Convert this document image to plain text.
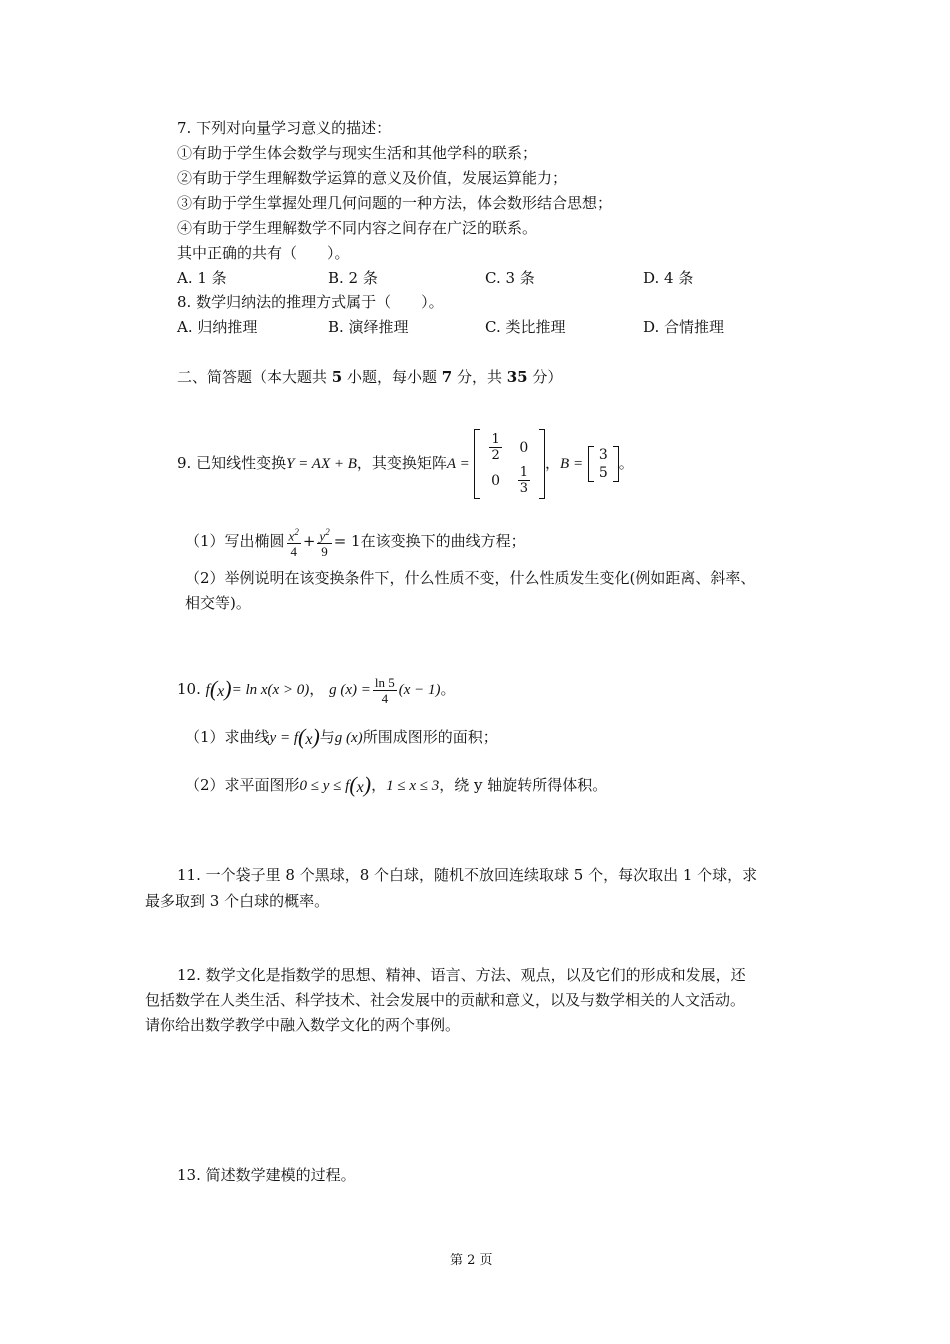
7. 下列对向量学习意义的描述：
①有助于学生体会数学与现实生活和其他学科的联系；
②有助于学生理解数学运算的意义及价值，发展运算能力；
③有助于学生掌握处理几何问题的一种方法，体会数形结合思想；
④有助于学生理解数学不同内容之间存在广泛的联系。
其中正确的共有（　　）。
A. 1 条	B. 2 条	C. 3 条	D. 4 条
8. 数学归纳法的推理方式属于（　　）。
A. 归纳推理	B. 演绎推理	C. 类比推理	D. 合情推理
二、简答题（本大题共 5 小题，每小题 7 分，共 35 分）
9. 已知线性变换Y = AX + B，其变换矩阵A =
$\frac{1}{2}$	0
0	$\frac{1}{3}$
，B =
3
5
。
（1）写出椭圆 $\frac{x^2}{4} + \frac{y^2}{9} = 1$在该变换下的曲线方程；
（2）举例说明在该变换条件下，什么性质不变，什么性质发生变化(例如距离、斜率、
相交等)。
10. f(x)= ln x(x > 0)， g $(x) = \frac{\ln 5}{4} (x - 1)$。
（1）求曲线y = f(x)与g (x)所围成图形的面积；
（2）求平面图形0 ≤ y ≤ f(x)，1 ≤ x ≤ 3，绕 y 轴旋转所得体积。
11. 一个袋子里 8 个黑球，8 个白球，随机不放回连续取球 5 个，每次取出 1 个球，求
最多取到 3 个白球的概率。
12. 数学文化是指数学的思想、精神、语言、方法、观点，以及它们的形成和发展，还
包括数学在人类生活、科学技术、社会发展中的贡献和意义，以及与数学相关的人文活动。
请你给出数学教学中融入数学文化的两个事例。
13. 简述数学建模的过程。
第 2 页
